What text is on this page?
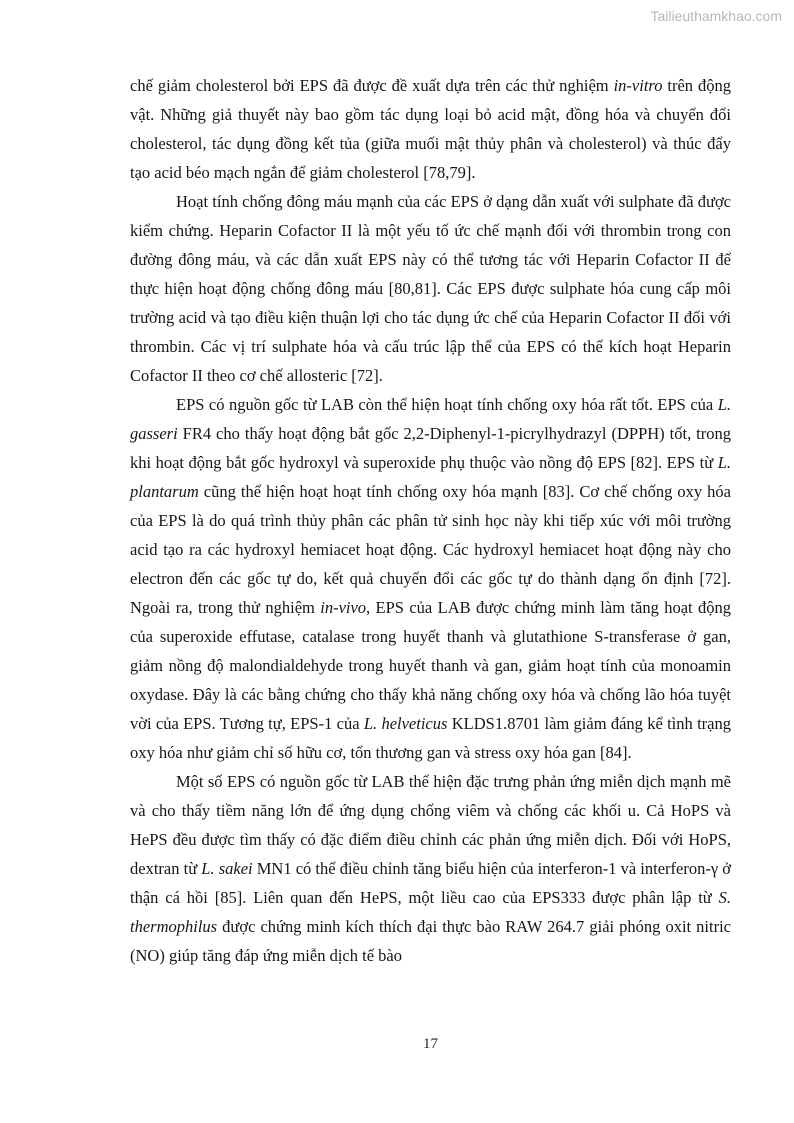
Tailieuthamkhao.com

chế giảm cholesterol bởi EPS đã được đề xuất dựa trên các thử nghiệm in-vitro trên động vật. Những giả thuyết này bao gồm tác dụng loại bỏ acid mật, đồng hóa và chuyển đổi cholesterol, tác dụng đồng kết tủa (giữa muối mật thủy phân và cholesterol) và thúc đẩy tạo acid béo mạch ngắn để giảm cholesterol [78,79].

Hoạt tính chống đông máu mạnh của các EPS ở dạng dẫn xuất với sulphate đã được kiểm chứng. Heparin Cofactor II là một yếu tố ức chế mạnh đối với thrombin trong con đường đông máu, và các dẫn xuất EPS này có thể tương tác với Heparin Cofactor II để thực hiện hoạt động chống đông máu [80,81]. Các EPS được sulphate hóa cung cấp môi trường acid và tạo điều kiện thuận lợi cho tác dụng ức chế của Heparin Cofactor II đối với thrombin. Các vị trí sulphate hóa và cấu trúc lập thể của EPS có thể kích hoạt Heparin Cofactor II theo cơ chế allosteric [72].

EPS có nguồn gốc từ LAB còn thể hiện hoạt tính chống oxy hóa rất tốt. EPS của L. gasseri FR4 cho thấy hoạt động bắt gốc 2,2-Diphenyl-1-picrylhydrazyl (DPPH) tốt, trong khi hoạt động bắt gốc hydroxyl và superoxide phụ thuộc vào nồng độ EPS [82]. EPS từ L. plantarum cũng thể hiện hoạt hoạt tính chống oxy hóa mạnh [83]. Cơ chế chống oxy hóa của EPS là do quá trình thủy phân các phân tử sinh học này khi tiếp xúc với môi trường acid tạo ra các hydroxyl hemiacet hoạt động. Các hydroxyl hemiacet hoạt động này cho electron đến các gốc tự do, kết quả chuyển đổi các gốc tự do thành dạng ổn định [72]. Ngoài ra, trong thử nghiệm in-vivo, EPS của LAB được chứng minh làm tăng hoạt động của superoxide effutase, catalase trong huyết thanh và glutathione S-transferase ở gan, giảm nồng độ malondialdehyde trong huyết thanh và gan, giảm hoạt tính của monoamin oxydase. Đây là các bằng chứng cho thấy khả năng chống oxy hóa và chống lão hóa tuyệt vời của EPS. Tương tự, EPS-1 của L. helveticus KLDS1.8701 làm giảm đáng kể tình trạng oxy hóa như giảm chỉ số hữu cơ, tổn thương gan và stress oxy hóa gan [84].

Một số EPS có nguồn gốc từ LAB thể hiện đặc trưng phản ứng miễn dịch mạnh mẽ và cho thấy tiềm năng lớn để ứng dụng chống viêm và chống các khối u. Cả HoPS và HePS đều được tìm thấy có đặc điểm điều chỉnh các phản ứng miễn dịch. Đối với HoPS, dextran từ L. sakei MN1 có thể điều chỉnh tăng biểu hiện của interferon-1 và interferon-γ ở thận cá hồi [85]. Liên quan đến HePS, một liều cao của EPS333 được phân lập từ S. thermophilus được chứng minh kích thích đại thực bào RAW 264.7 giải phóng oxit nitric (NO) giúp tăng đáp ứng miễn dịch tế bào

17
